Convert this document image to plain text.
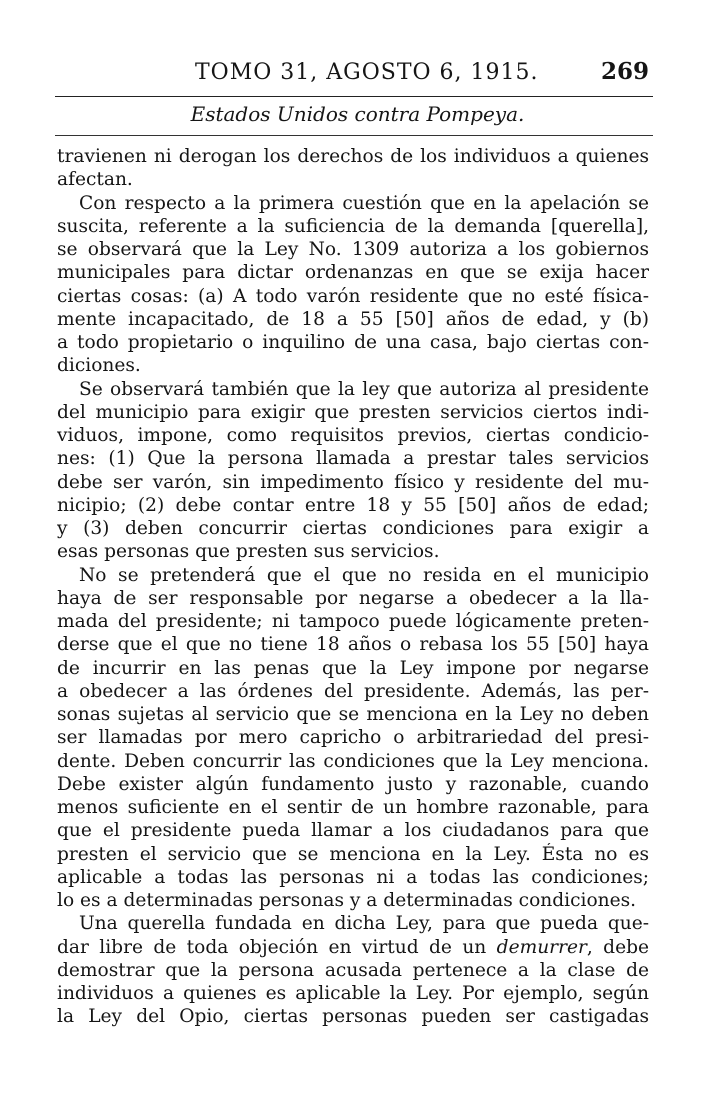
TOMO 31, AGOSTO 6, 1915.	269
Estados Unidos contra Pompeya.
travienen ni derogan los derechos de los individuos a quienes
afectan.
Con respecto a la primera cuestión que en la apelación se
suscita, referente a la suficiencia de la demanda [querella],
se observará que la Ley No. 1309 autoriza a los gobiernos
municipales para dictar ordenanzas en que se exija hacer
ciertas cosas: (a) A todo varón residente que no esté física-
mente incapacitado, de 18 a 55 [50] años de edad, y (b)
a todo propietario o inquilino de una casa, bajo ciertas con-
diciones.
Se observará también que la ley que autoriza al presidente
del municipio para exigir que presten servicios ciertos indi-
viduos, impone, como requisitos previos, ciertas condicio-
nes: (1) Que la persona llamada a prestar tales servicios
debe ser varón, sin impedimento físico y residente del mu-
nicipio; (2) debe contar entre 18 y 55 [50] años de edad;
y (3) deben concurrir ciertas condiciones para exigir a
esas personas que presten sus servicios.
No se pretenderá que el que no resida en el municipio
haya de ser responsable por negarse a obedecer a la lla-
mada del presidente; ni tampoco puede lógicamente preten-
derse que el que no tiene 18 años o rebasa los 55 [50] haya
de incurrir en las penas que la Ley impone por negarse
a obedecer a las órdenes del presidente. Además, las per-
sonas sujetas al servicio que se menciona en la Ley no deben
ser llamadas por mero capricho o arbitrariedad del presi-
dente. Deben concurrir las condiciones que la Ley menciona.
Debe exister algún fundamento justo y razonable, cuando
menos suficiente en el sentir de un hombre razonable, para
que el presidente pueda llamar a los ciudadanos para que
presten el servicio que se menciona en la Ley. Ésta no es
aplicable a todas las personas ni a todas las condiciones;
lo es a determinadas personas y a determinadas condiciones.
Una querella fundada en dicha Ley, para que pueda que-
dar libre de toda objeción en virtud de un demurrer, debe
demostrar que la persona acusada pertenece a la clase de
individuos a quienes es aplicable la Ley. Por ejemplo, según
la Ley del Opio, ciertas personas pueden ser castigadas
